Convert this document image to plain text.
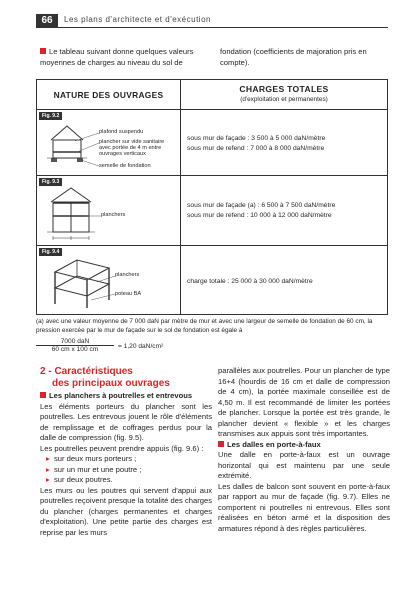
66	Les plans d'architecte et d'exécution
Le tableau suivant donne quelques valeurs moyennes de charges au niveau du sol de
fondation (coefficients de majoration pris en compte).
NATURE DES OUVRAGES
CHARGES TOTALES
(d'exploitation et permanentes)
Fig. 9.2
plafond suspendu
plancher sur vide sanitaire
avec portée de 4 m entre
ouvrages verticaux
semelle de fondation
sous mur de façade : 3 500 à 5 000 daN/mètre
sous mur de refend : 7 000 à 8 000 daN/mètre
Fig. 9.3
planchers
sous mur de façade (a) : 6 500 à 7 500 daN/mètre
sous mur de refend : 10 000 à 12 000 daN/mètre
Fig. 9.4
planchers
poteau BA
charge totale : 25 000 à 30 000 daN/mètre
(a) avec une valeur moyenne de 7 000 daN par mètre de mur et avec une largeur de semelle de fondation de 60 cm, la pression exercée par le mur de façade sur le sol de fondation est égale à
7000 daN
60 cm x 100 cm	= 1,20 daN/cm²
2 - Caractéristiques
des principaux ouvrages
Les planchers à poutrelles et entrevous
Les éléments porteurs du plancher sont les poutrelles. Les entrevous jouent le rôle d'éléments de remplissage et de coffrages perdus pour la dalle de compression (fig. 9.5).
Les poutrelles peuvent prendre appuis (fig. 9.6) :
▸ sur deux murs porteurs ;
▸ sur un mur et une poutre ;
▸ sur deux poutres.
Les murs ou les poutres qui servent d'appui aux poutrelles reçoivent presque la totalité des charges du plancher (charges permanentes et charges d'exploitation). Une petite partie des charges est reprise par les murs
parallèles aux poutrelles. Pour un plancher de type 16+4 (hourdis de 16 cm et dalle de compression de 4 cm), la portée maximale conseillée est de 4,50 m. Il est recommandé de limiter les portées de plancher. Lorsque la portée est très grande, le plancher devient « flexible » et les charges transmises aux appuis sont très importantes.
Les dalles en porte-à-faux
Une dalle en porte-à-faux est un ouvrage horizontal qui est maintenu par une seule extrémité.
Les dalles de balcon sont souvent en porte-à-faux par rapport au mur de façade (fig. 9.7). Elles ne comportent ni poutrelles ni entrevous. Elles sont réalisées en béton armé et la disposition des armatures répond à des règles particulières.
